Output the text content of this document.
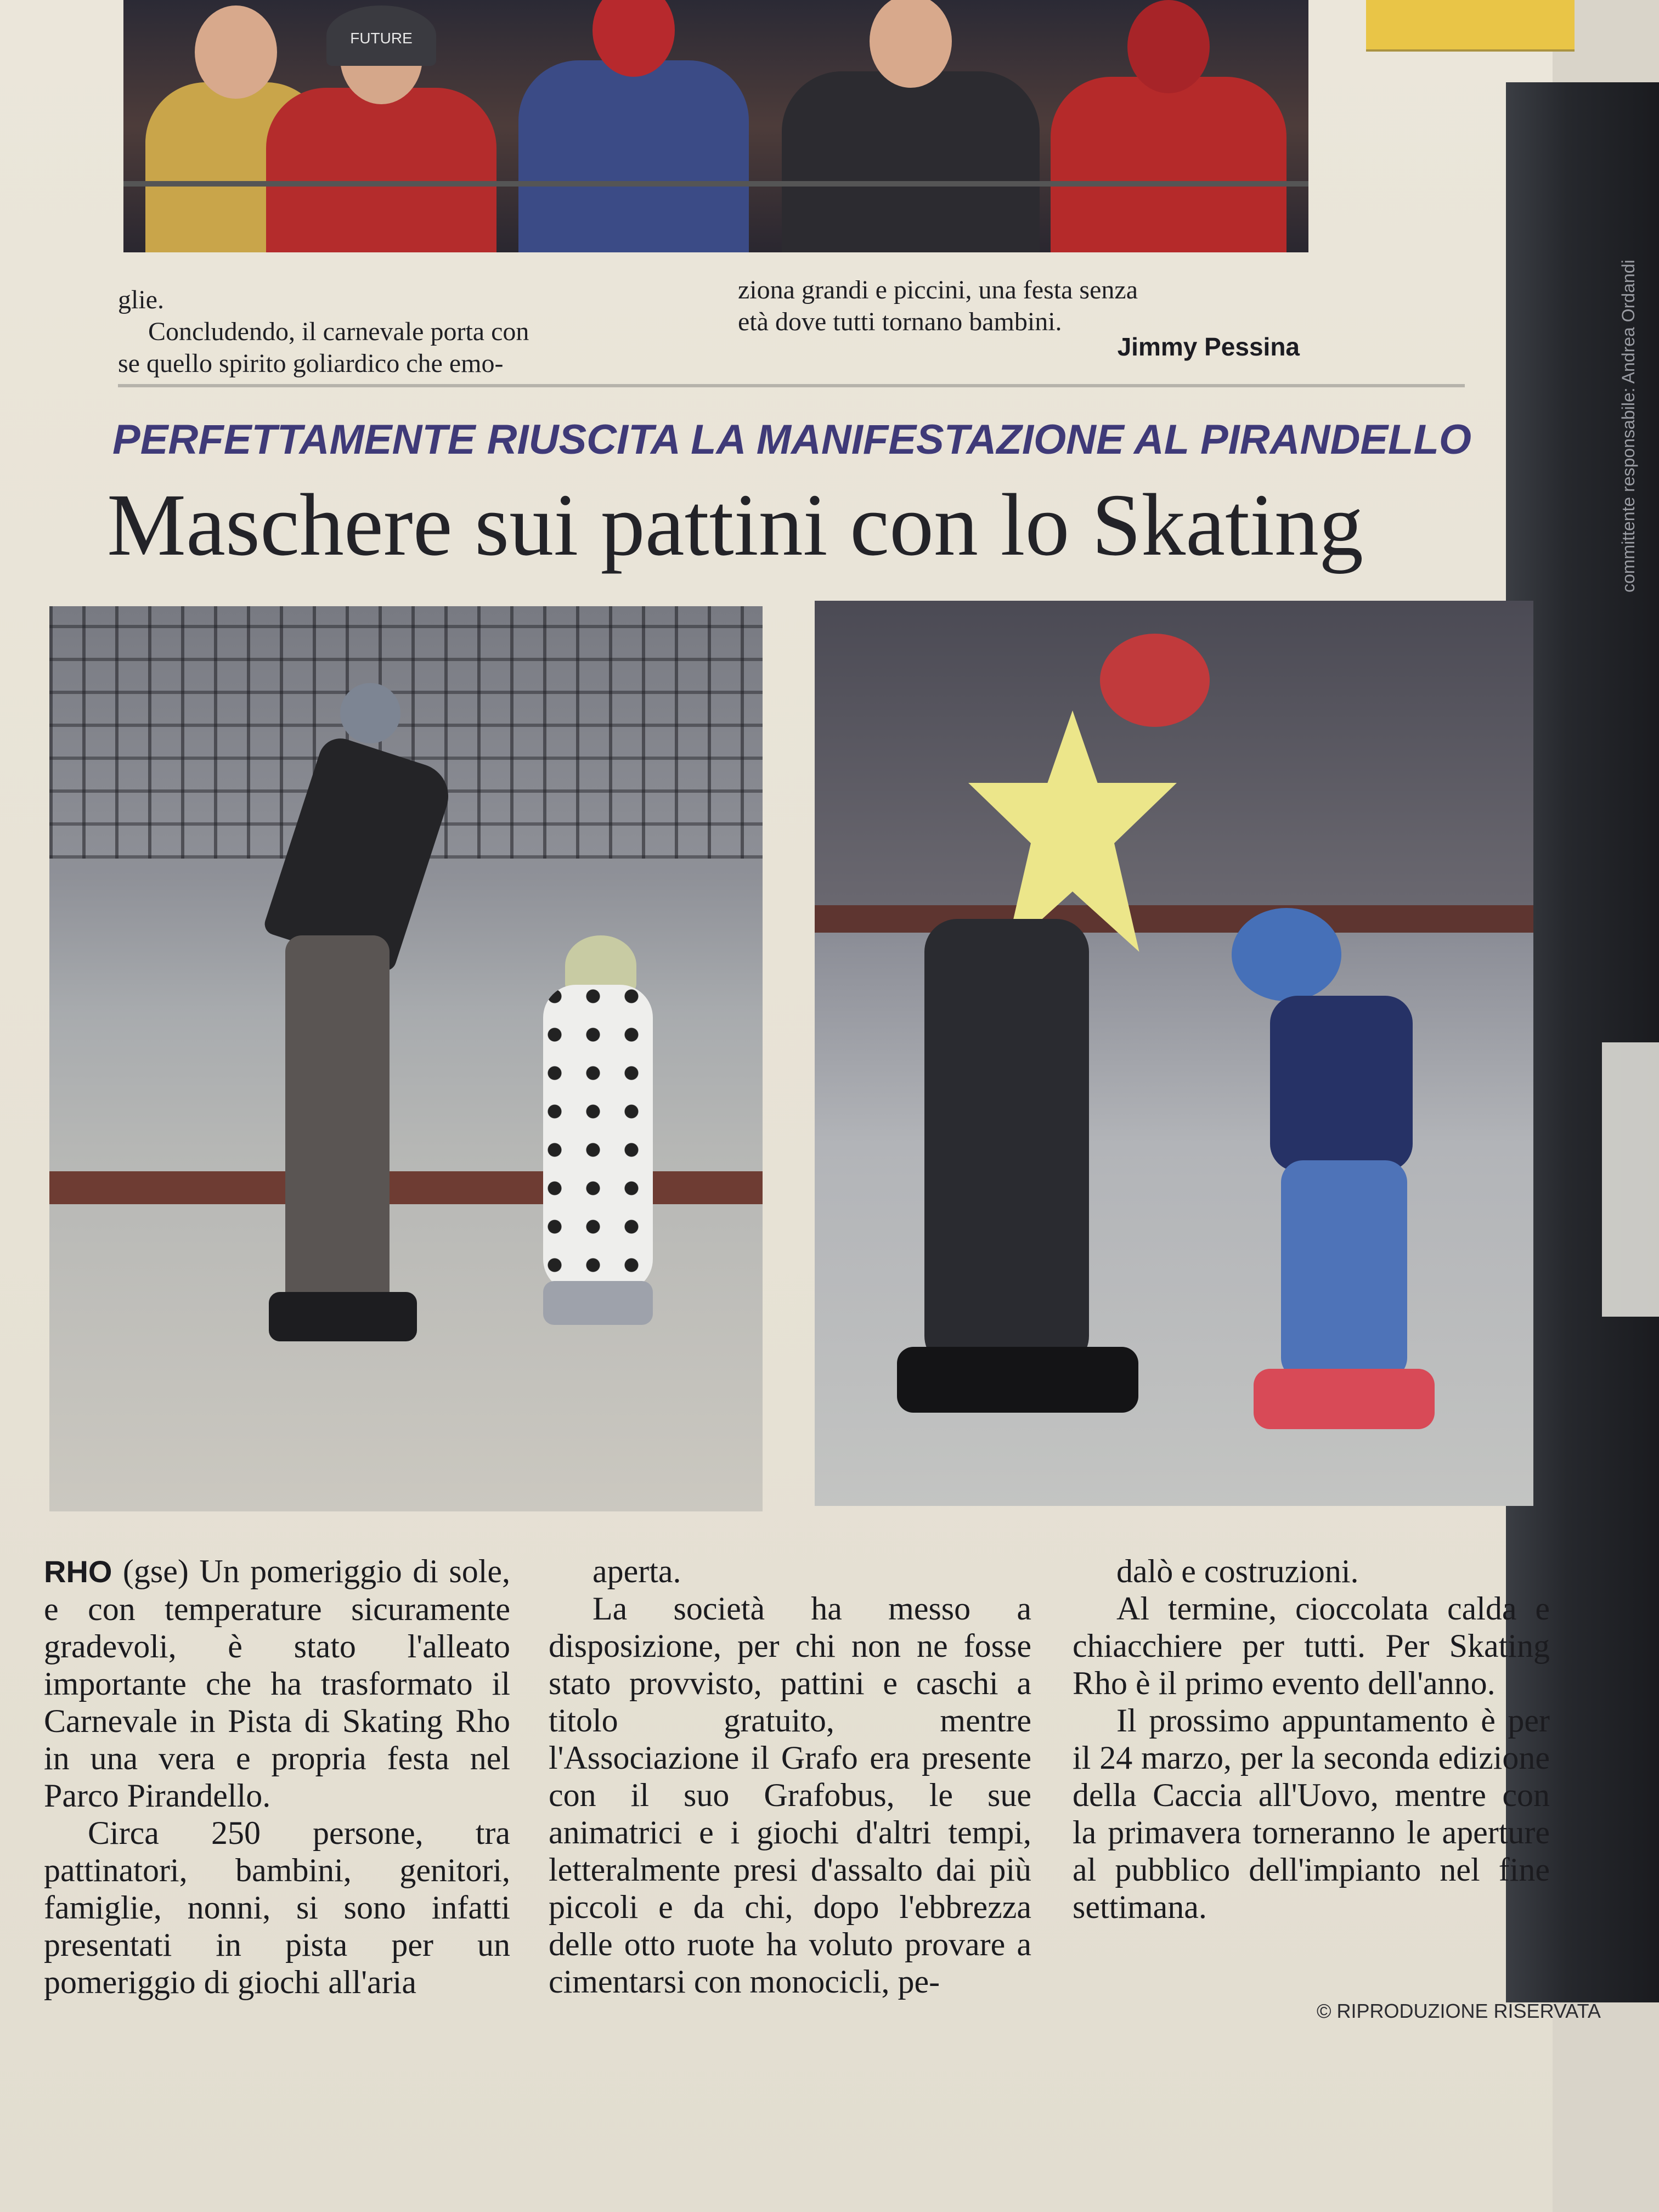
committente responsabile: Andrea Ordandi
FUTURE
glie.
Concludendo, il carnevale porta con
se quello spirito goliardico che emo-
ziona grandi e piccini, una festa senza
età dove tutti tornano bambini.
Jimmy Pessina
PERFETTAMENTE RIUSCITA LA MANIFESTAZIONE AL PIRANDELLO
Maschere sui pattini con lo Skating

RHO (gse) Un pomeriggio di sole, e con temperature sicuramente gradevoli, è stato l'alleato importante che ha trasformato il Carnevale in Pista di Skating Rho in una vera e propria festa nel Parco Pirandello.

Circa 250 persone, tra pattinatori, bambini, genitori, famiglie, nonni, si sono infatti presentati in pista per un pomeriggio di giochi all'aria

aperta.

La società ha messo a disposizione, per chi non ne fosse stato provvisto, pattini e caschi a titolo gratuito, mentre l'Associazione il Grafo era presente con il suo Grafobus, le sue animatrici e i giochi d'altri tempi, letteralmente presi d'assalto dai più piccoli e da chi, dopo l'ebbrezza delle otto ruote ha voluto provare a cimentarsi con monocicli, pe-

dalò e costruzioni.

Al termine, cioccolata calda e chiacchiere per tutti. Per Skating Rho è il primo evento dell'anno.

Il prossimo appuntamento è per il 24 marzo, per la seconda edizione della Caccia all'Uovo, mentre con la primavera torneranno le aperture al pubblico dell'impianto nel fine settimana.

© RIPRODUZIONE RISERVATA
